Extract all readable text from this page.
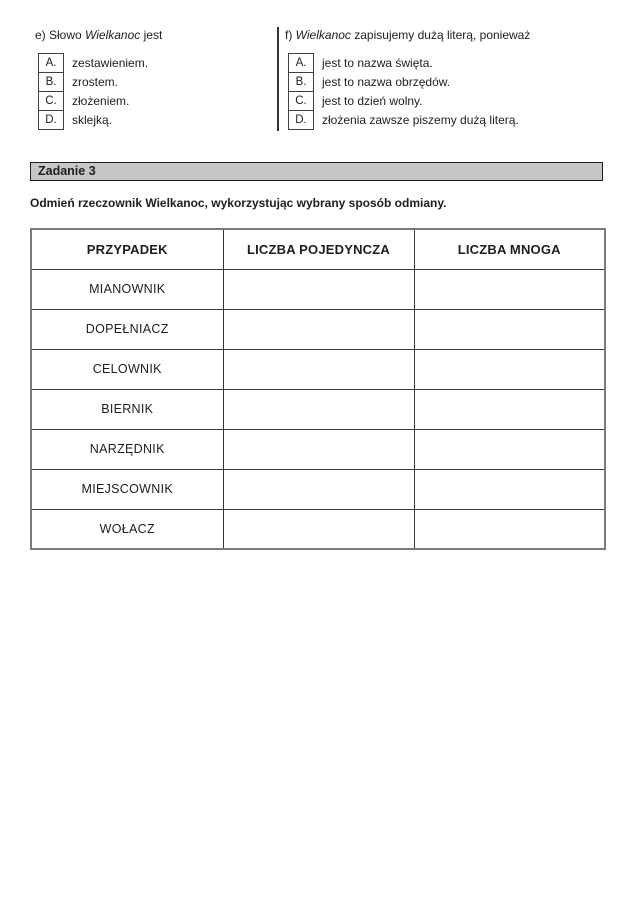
e) Słowo Wielkanoc jest
A.	zestawieniem.
B.	zrostem.
C.	złożeniem.
D.	sklejką.
f) Wielkanoc zapisujemy dużą literą, ponieważ
A.	jest to nazwa święta.
B.	jest to nazwa obrzędów.
C.	jest to dzień wolny.
D.	złożenia zawsze piszemy dużą literą.
Zadanie 3
Odmień rzeczownik Wielkanoc, wykorzystując wybrany sposób odmiany.
PRZYPADEK	LICZBA POJEDYNCZA	LICZBA MNOGA
MIANOWNIK		
DOPEŁNIACZ		
CELOWNIK		
BIERNIK		
NARZĘDNIK		
MIEJSCOWNIK		
WOŁACZ		
